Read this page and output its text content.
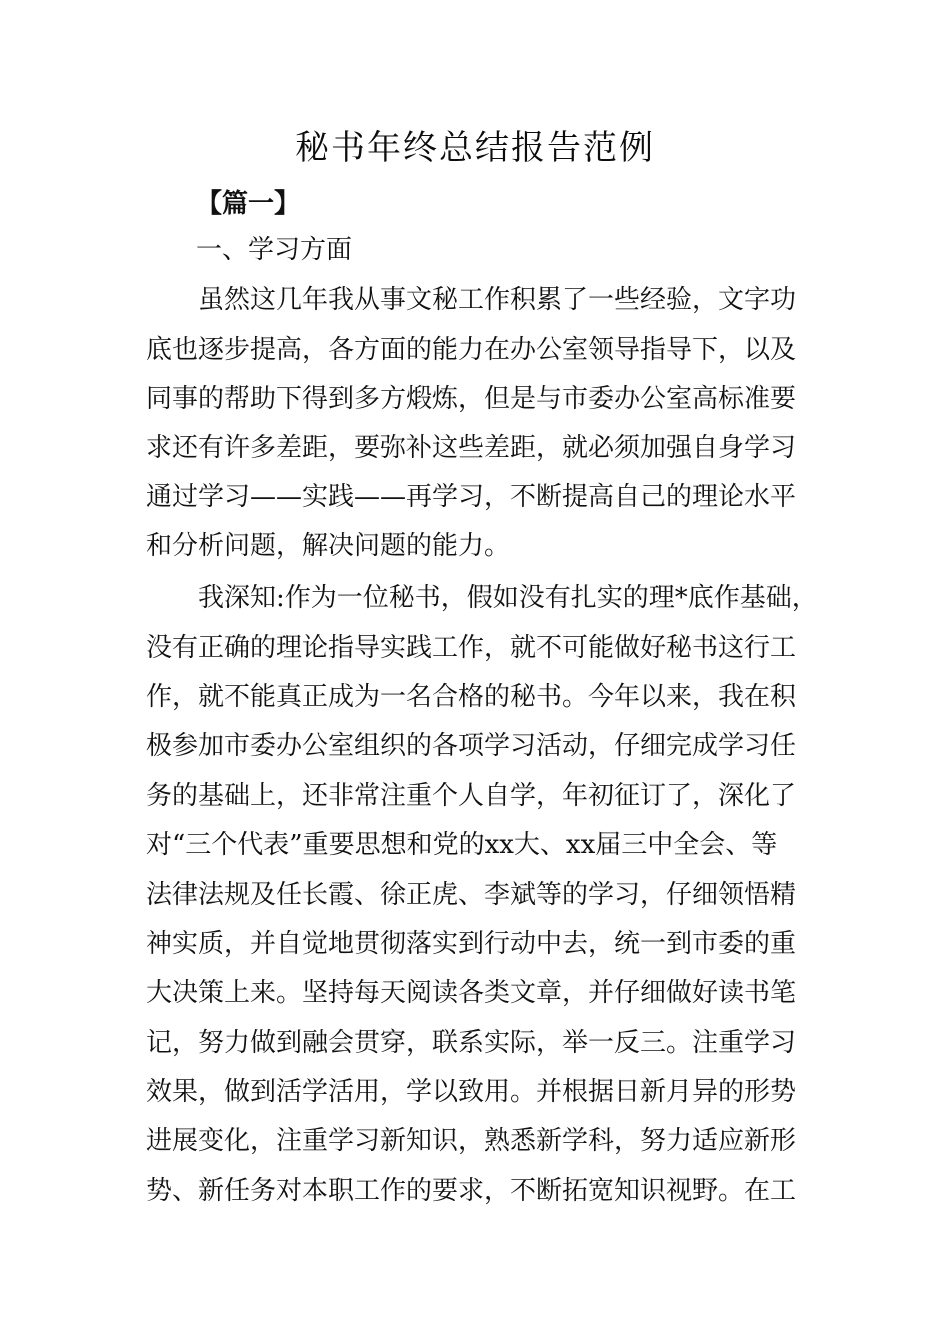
秘书年终总结报告范例
【篇一】
一、学习方面
虽然这几年我从事文秘工作积累了一些经验，文字功
底也逐步提高，各方面的能力在办公室领导指导下，以及
同事的帮助下得到多方煅炼，但是与市委办公室高标准要
求还有许多差距，要弥补这些差距，就必须加强自身学习
通过学习——实践——再学习，不断提高自己的理论水平
和分析问题，解决问题的能力。
我深知:作为一位秘书，假如没有扎实的理*底作基础，
没有正确的理论指导实践工作，就不可能做好秘书这行工
作，就不能真正成为一名合格的秘书。今年以来，我在积
极参加市委办公室组织的各项学习活动，仔细完成学习任
务的基础上，还非常注重个人自学，年初征订了，深化了
对“三个代表”重要思想和党的xx大、xx届三中全会、等
法律法规及任长霞、徐正虎、李斌等的学习，仔细领悟精
神实质，并自觉地贯彻落实到行动中去，统一到市委的重
大决策上来。坚持每天阅读各类文章，并仔细做好读书笔
记，努力做到融会贯穿，联系实际，举一反三。注重学习
效果，做到活学活用，学以致用。并根据日新月异的形势
进展变化，注重学习新知识，熟悉新学科，努力适应新形
势、新任务对本职工作的要求，不断拓宽知识视野。在工
